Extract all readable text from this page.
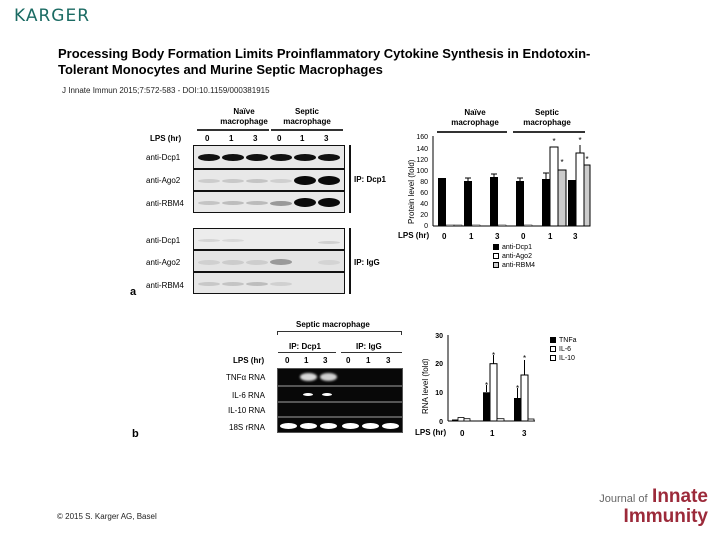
KARGER
Processing Body Formation Limits Proinflammatory Cytokine Synthesis in Endotoxin-Tolerant Monocytes and Murine Septic Macrophages
J Innate Immun 2015;7:572-583 - DOI:10.1159/000381915
Naïve
macrophage
Septic
macrophage
LPS (hr)	0 1 3 0 1 3
anti-Dcp1
anti-Ago2
anti-RBM4
IP: Dcp1
anti-Dcp1
anti-Ago2
anti-RBM4
IP: IgG
a
Naïve
macrophage
Septic
macrophage
160
140
120
100
80
60
40
20
0
Protein level (fold)
*
*
*
*
LPS (hr) 0	1	3	0	1	3
anti-Dcp1
anti-Ago2
anti-RBM4
Septic macrophage
IP: Dcp1	IP: IgG
LPS (hr)	0 1 3 0 1 3
TNFα RNA
IL-6 RNA
IL-10 RNA
18S rRNA
b
30
20
10
0
RNA level (fold)	*
*
*
*
LPS (hr) 0	1	3
TNFa
IL-6
IL-10
© 2015 S. Karger AG, Basel
Journal of Innate
Immunity
